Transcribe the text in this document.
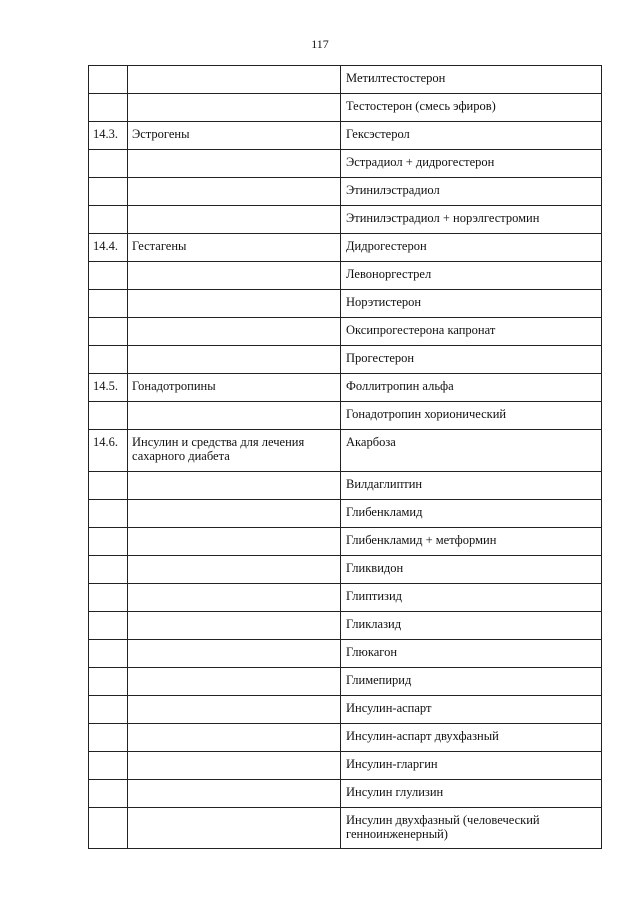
117
		Метилтестостерон
		Тестостерон (смесь эфиров)
14.3.	Эстрогены	Гексэстерол
		Эстрадиол + дидрогестерон
		Этинилэстрадиол
		Этинилэстрадиол + норэлгестромин
14.4.	Гестагены	Дидрогестерон
		Левоноргестрел
		Норэтистерон
		Оксипрогестерона капронат
		Прогестерон
14.5.	Гонадотропины	Фоллитропин альфа
		Гонадотропин хорионический
14.6.	Инсулин и средства для лечения сахарного диабета	Акарбоза
		Вилдаглиптин
		Глибенкламид
		Глибенкламид + метформин
		Гликвидон
		Глиптизид
		Гликлазид
		Глюкагон
		Глимепирид
		Инсулин-аспарт
		Инсулин-аспарт двухфазный
		Инсулин-гларгин
		Инсулин глулизин
		Инсулин двухфазный (человеческий генноинженерный)
